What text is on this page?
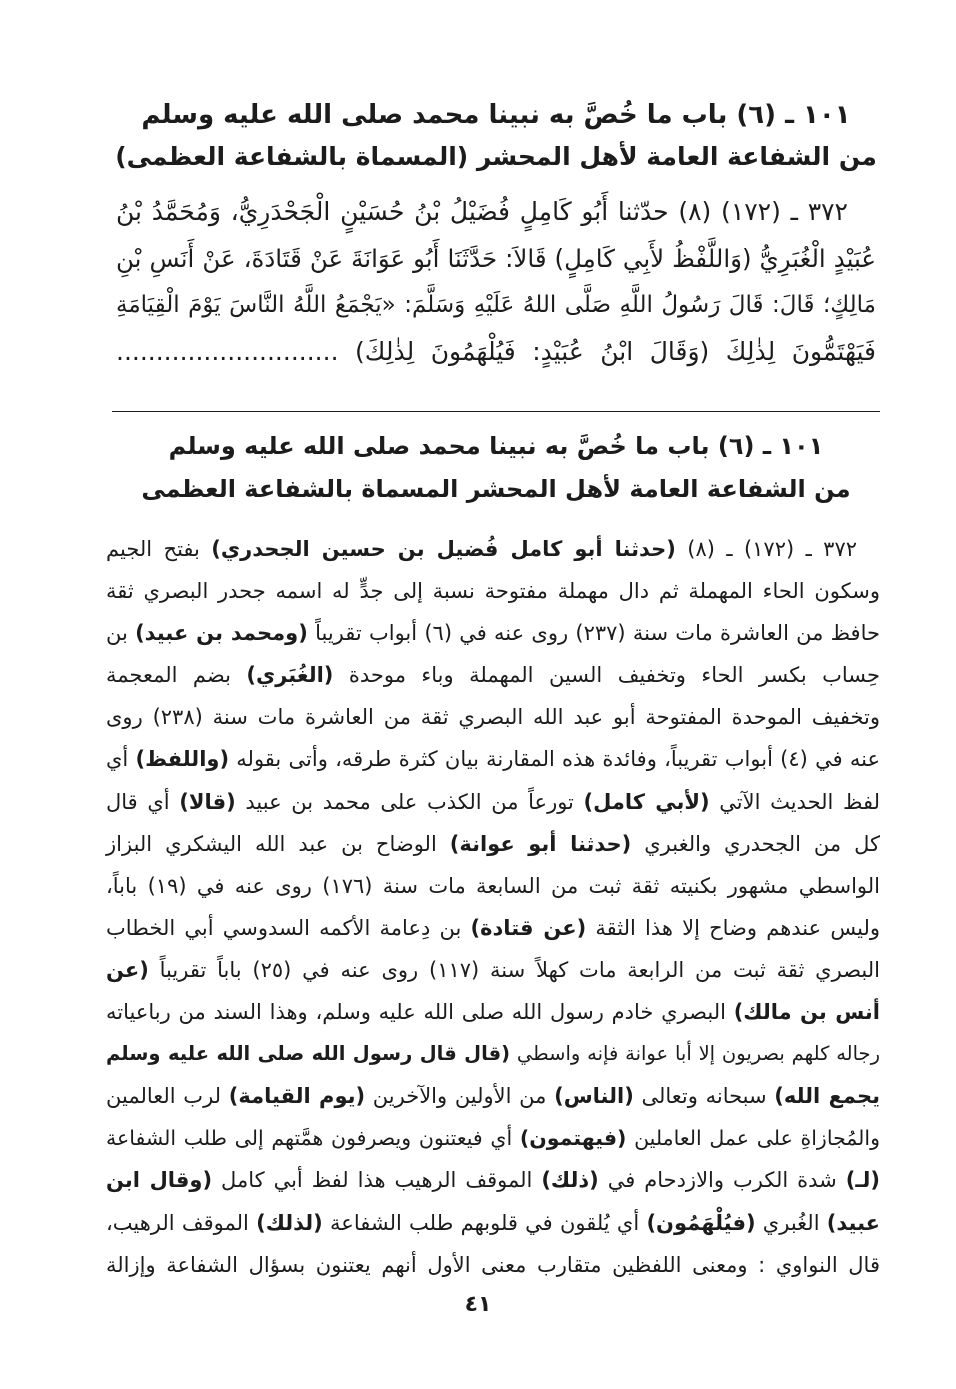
١٠١ ـ (٦) باب ما خُصَّ به نبينا محمد صلى الله عليه وسلم
من الشفاعة العامة لأهل المحشر (المسماة بالشفاعة العظمى)
٣٧٢ ـ (١٧٢) (٨) حدّثنا أَبُو كَامِلٍ فُضَيْلُ بْنُ حُسَيْنٍ الْجَحْدَرِيُّ، وَمُحَمَّدُ بْنُ
عُبَيْدٍ الْغُبَرِيُّ (وَاللَّفْظُ لأَبِي كَامِلٍ) قَالاَ: حَدَّثَنَا أَبُو عَوَانَةَ عَنْ قَتَادَةَ، عَنْ أَنَسِ بْنِ
مَالِكٍ؛ قَالَ: قَالَ رَسُولُ اللَّهِ صَلَّى اللهُ عَلَيْهِ وَسَلَّمَ: «يَجْمَعُ اللَّهُ النَّاسَ يَوْمَ الْقِيَامَةِ
فَيَهْتَمُّونَ لِذٰلِكَ (وَقَالَ ابْنُ عُبَيْدٍ: فَيُلْهَمُونَ لِذٰلِكَ) ............................
١٠١ ـ (٦) باب ما خُصَّ به نبينا محمد صلى الله عليه وسلم
من الشفاعة العامة لأهل المحشر المسماة بالشفاعة العظمى
٣٧٢ ـ (١٧٢) ـ (٨) (حدثنا أبو كامل فُضيل بن حسين الجحدري) بفتح الجيم
وسكون الحاء المهملة ثم دال مهملة مفتوحة نسبة إلى جدٍّ له اسمه جحدر البصري ثقة
حافظ من العاشرة مات سنة (٢٣٧) روى عنه في (٦) أبواب تقريباً (ومحمد بن عبيد) بن
حِساب بكسر الحاء وتخفيف السين المهملة وباء موحدة (الغُبَري) بضم المعجمة
وتخفيف الموحدة المفتوحة أبو عبد الله البصري ثقة من العاشرة مات سنة (٢٣٨) روى
عنه في (٤) أبواب تقريباً، وفائدة هذه المقارنة بيان كثرة طرقه، وأتى بقوله (واللفظ) أي
لفظ الحديث الآتي (لأبي كامل) تورعاً من الكذب على محمد بن عبيد (قالا) أي قال
كل من الجحدري والغبري (حدثنا أبو عوانة) الوضاح بن عبد الله اليشكري البزاز
الواسطي مشهور بكنيته ثقة ثبت من السابعة مات سنة (١٧٦) روى عنه في (١٩) باباً،
وليس عندهم وضاح إلا هذا الثقة (عن قتادة) بن دِعامة الأكمه السدوسي أبي الخطاب
البصري ثقة ثبت من الرابعة مات كهلاً سنة (١١٧) روى عنه في (٢٥) باباً تقريباً (عن
أنس بن مالك) البصري خادم رسول الله صلى الله عليه وسلم، وهذا السند من رباعياته
رجاله كلهم بصريون إلا أبا عوانة فإنه واسطي (قال قال رسول الله صلى الله عليه وسلم
يجمع الله) سبحانه وتعالى (الناس) من الأولين والآخرين (يوم القيامة) لرب العالمين
والمُجازاةِ على عمل العاملين (فيهتمون) أي فيعتنون ويصرفون همَّتهم إلى طلب الشفاعة
(لـ) شدة الكرب والازدحام في (ذلك) الموقف الرهيب هذا لفظ أبي كامل (وقال ابن
عبيد) الغُبري (فيُلْهَمُون) أي يُلقون في قلوبهم طلب الشفاعة (لذلك) الموقف الرهيب،
قال النواوي : ومعنى اللفظين متقارب معنى الأول أنهم يعتنون بسؤال الشفاعة وإزالة
٤١
